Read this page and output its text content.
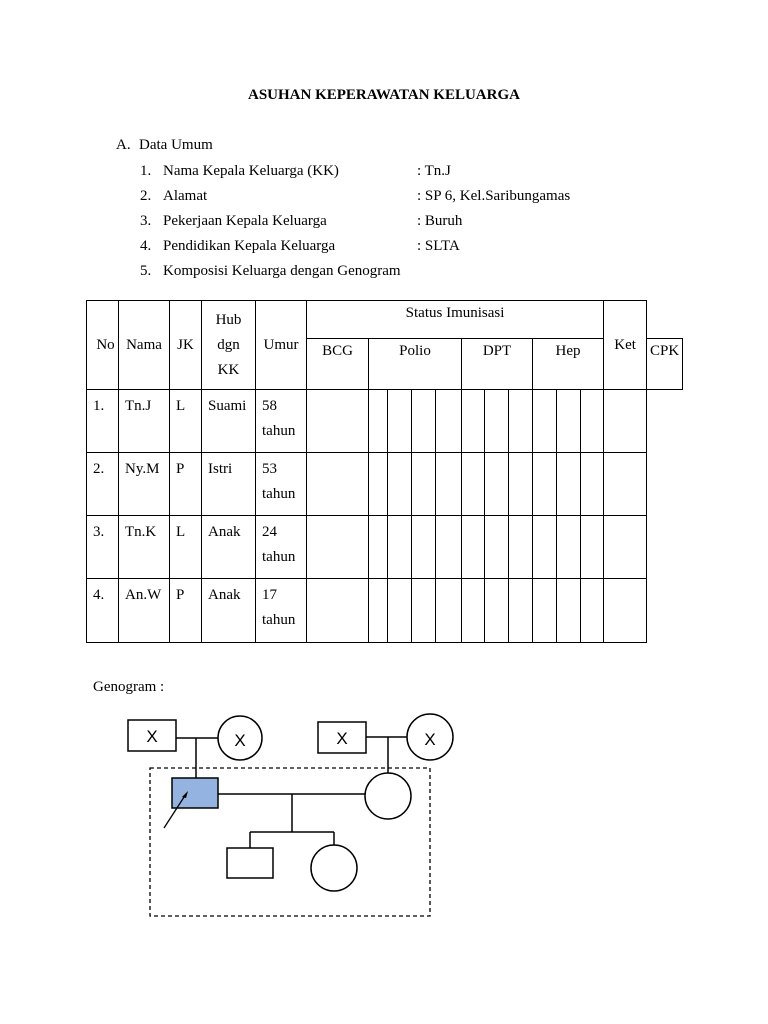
ASUHAN KEPERAWATAN KELUARGA
A. Data Umum
1. Nama Kepala Keluarga (KK)	: Tn.J
2. Alamat	: SP 6, Kel.Saribungamas
3. Pekerjaan Kepala Keluarga	: Buruh
4. Pendidikan Kepala Keluarga	: SLTA
5. Komposisi Keluarga dengan Genogram
No	Nama	JK	Hub
dgn
KK	Umur	Status Imunisasi											Ket	
					BCG	Polio				DPT			Hep				CPK
1.	Tn.J	L	Suami	58
tahun													

2.	Ny.M	P	Istri	53
tahun													

3.	Tn.K	L	Anak	24
tahun													

4.	An.W	P	Anak	17
tahun													

Genogram :
X	X	X	X
